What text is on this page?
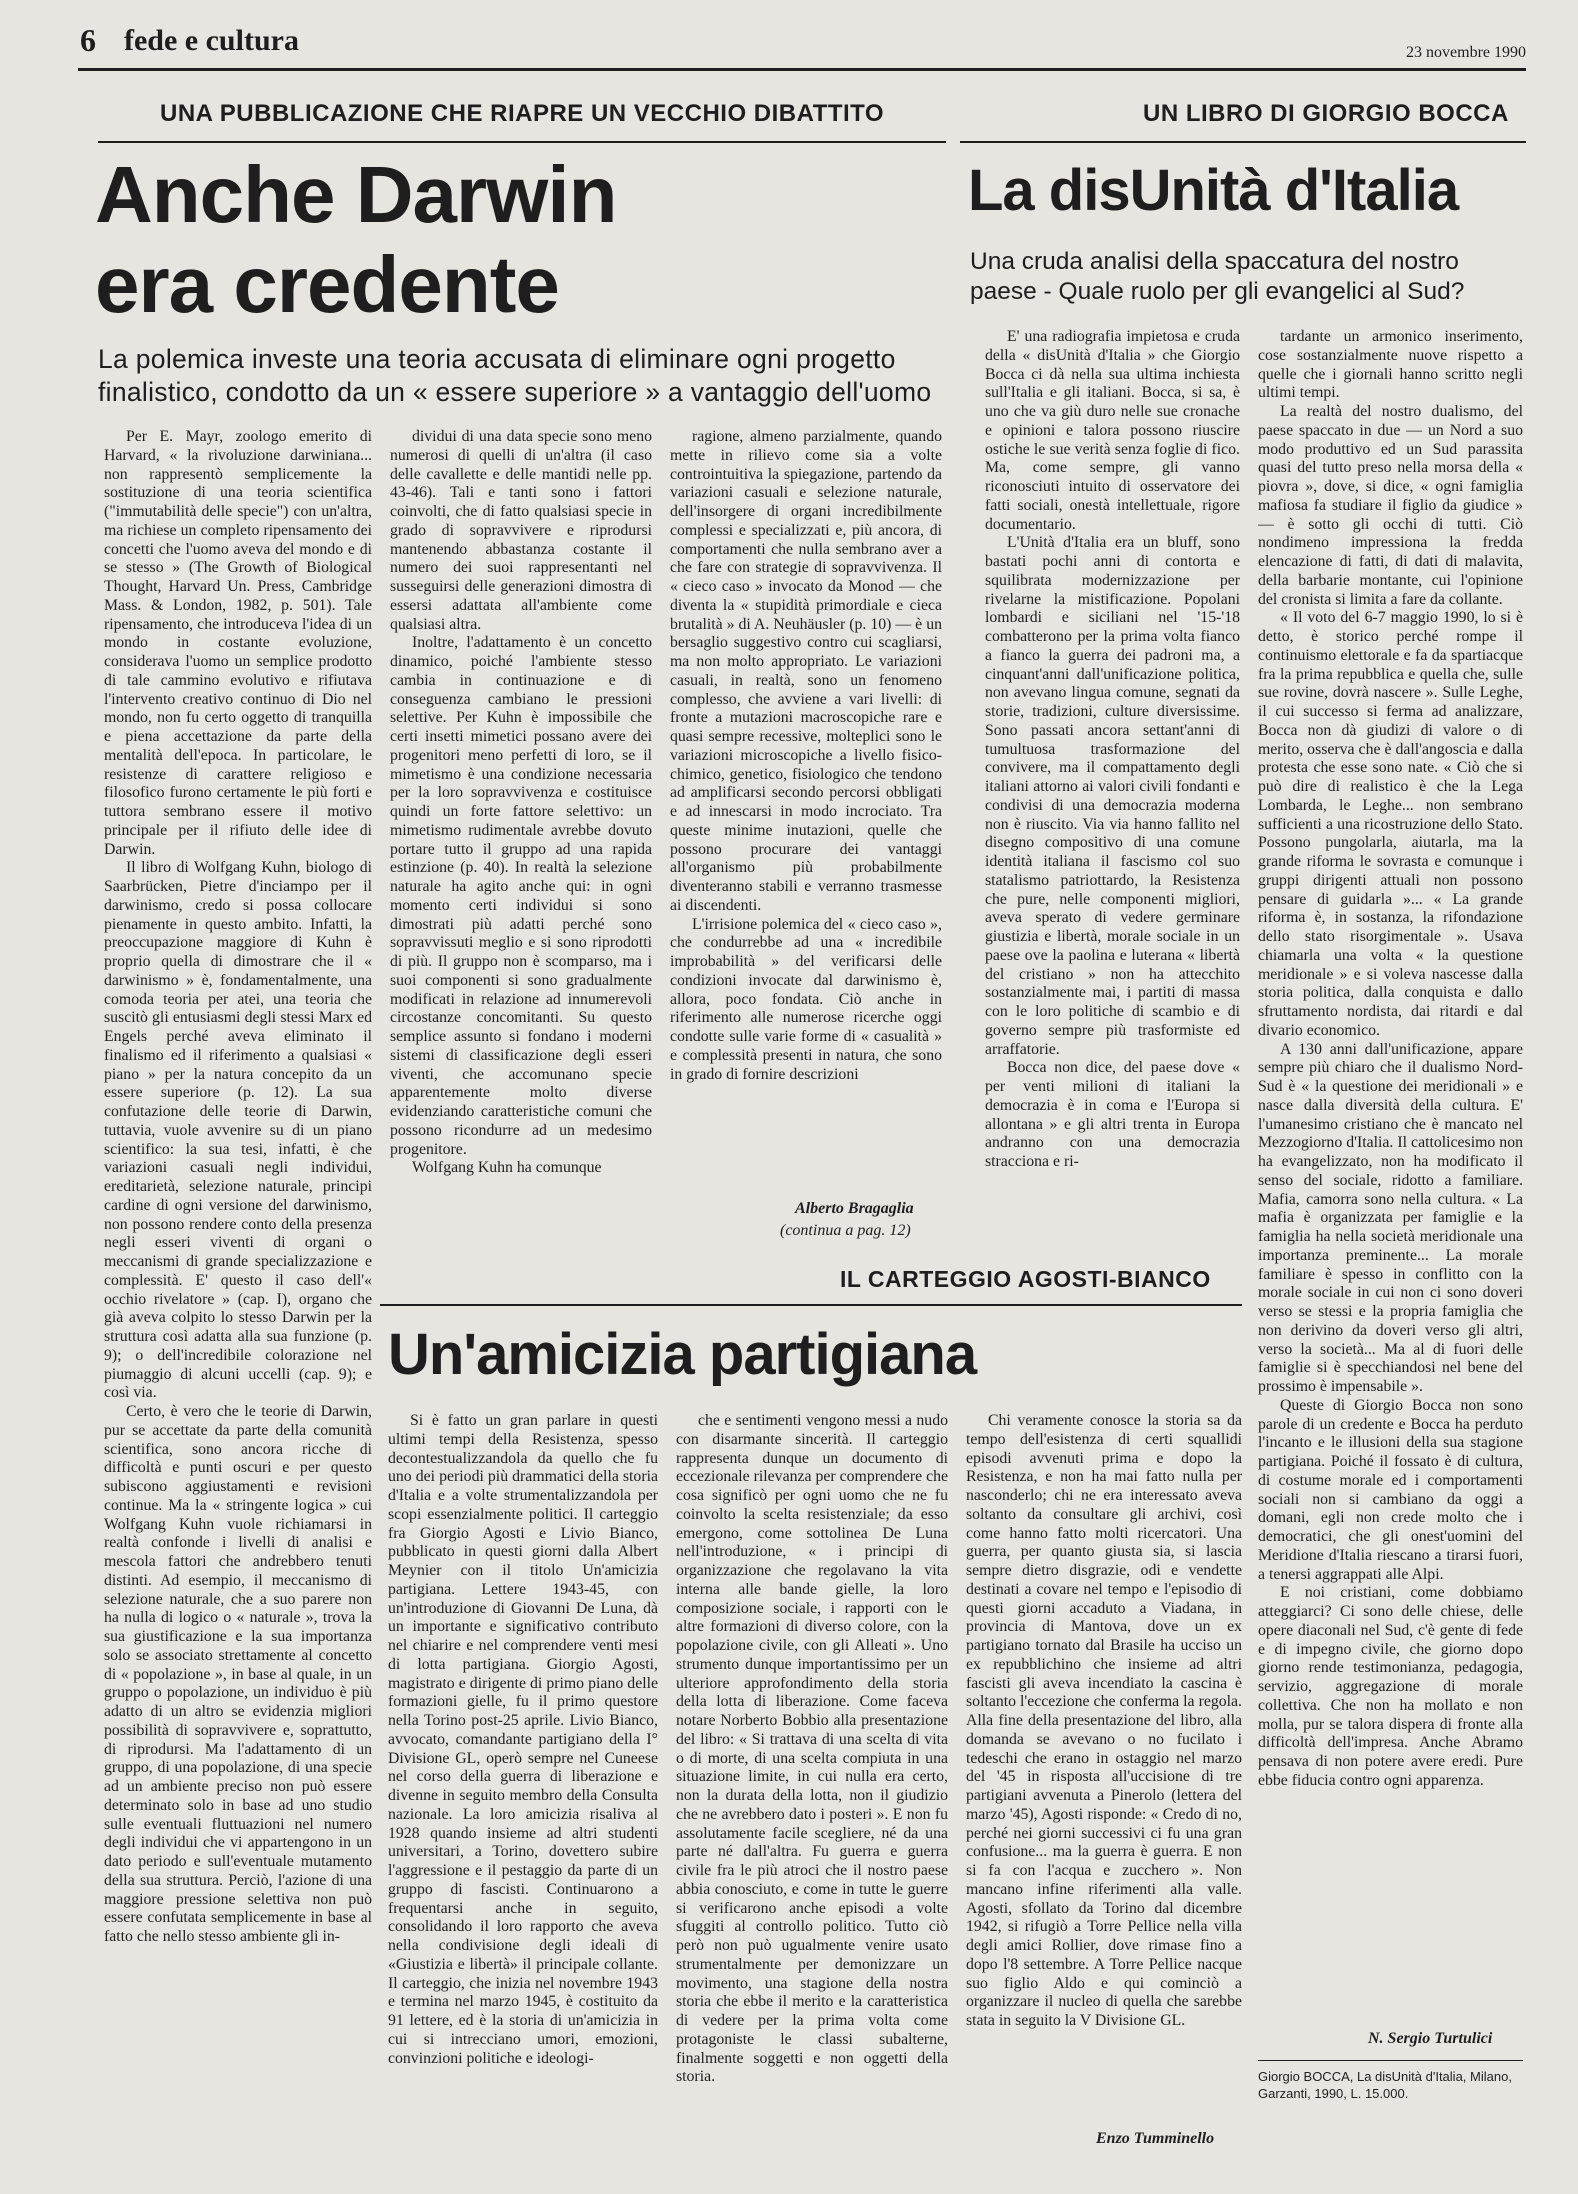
6 fede e cultura	23 novembre 1990
UNA PUBBLICAZIONE CHE RIAPRE UN VECCHIO DIBATTITO
Anche Darwin
era credente
La polemica investe una teoria accusata di eliminare ogni progetto
finalistico, condotto da un « essere superiore » a vantaggio dell'uomo

Per E. Mayr, zoologo emerito di Harvard, « la rivoluzione darwiniana... non rappresentò semplicemente la sostituzione di una teoria scientifica ("immutabilità delle specie") con un'altra, ma richiese un completo ripensamento dei concetti che l'uomo aveva del mondo e di se stesso » (The Growth of Biological Thought, Harvard Un. Press, Cambridge Mass. & London, 1982, p. 501). Tale ripensamento, che introduceva l'idea di un mondo in costante evoluzione, considerava l'uomo un semplice prodotto di tale cammino evolutivo e rifiutava l'intervento creativo continuo di Dio nel mondo, non fu certo oggetto di tranquilla e piena accettazione da parte della mentalità dell'epoca. In particolare, le resistenze di carattere religioso e filosofico furono certamente le più forti e tuttora sembrano essere il motivo principale per il rifiuto delle idee di Darwin.

Il libro di Wolfgang Kuhn, biologo di Saarbrücken, Pietre d'inciampo per il darwinismo, credo si possa collocare pienamente in questo ambito. Infatti, la preoccupazione maggiore di Kuhn è proprio quella di dimostrare che il « darwinismo » è, fondamentalmente, una comoda teoria per atei, una teoria che suscitò gli entusiasmi degli stessi Marx ed Engels perché aveva eliminato il finalismo ed il riferimento a qualsiasi « piano » per la natura concepito da un essere superiore (p. 12). La sua confutazione delle teorie di Darwin, tuttavia, vuole avvenire su di un piano scientifico: la sua tesi, infatti, è che variazioni casuali negli individui, ereditarietà, selezione naturale, principi cardine di ogni versione del darwinismo, non possono rendere conto della presenza negli esseri viventi di organi o meccanismi di grande specializzazione e complessità. E' questo il caso dell'« occhio rivelatore » (cap. I), organo che già aveva colpito lo stesso Darwin per la struttura così adatta alla sua funzione (p. 9); o dell'incredibile colorazione nel piumaggio di alcuni uccelli (cap. 9); e così via.

Certo, è vero che le teorie di Darwin, pur se accettate da parte della comunità scientifica, sono ancora ricche di difficoltà e punti oscuri e per questo subiscono aggiustamenti e revisioni continue. Ma la « stringente logica » cui Wolfgang Kuhn vuole richiamarsi in realtà confonde i livelli di analisi e mescola fattori che andrebbero tenuti distinti. Ad esempio, il meccanismo di selezione naturale, che a suo parere non ha nulla di logico o « naturale », trova la sua giustificazione e la sua importanza solo se associato strettamente al concetto di « popolazione », in base al quale, in un gruppo o popolazione, un individuo è più adatto di un altro se evidenzia migliori possibilità di sopravvivere e, soprattutto, di riprodursi. Ma l'adattamento di un gruppo, di una popolazione, di una specie ad un ambiente preciso non può essere determinato solo in base ad uno studio sulle eventuali fluttuazioni nel numero degli individui che vi appartengono in un dato periodo e sull'eventuale mutamento della sua struttura. Perciò, l'azione di una maggiore pressione selettiva non può essere confutata semplicemente in base al fatto che nello stesso ambiente gli in-

dividui di una data specie sono meno numerosi di quelli di un'altra (il caso delle cavallette e delle mantidi nelle pp. 43-46). Tali e tanti sono i fattori coinvolti, che di fatto qualsiasi specie in grado di sopravvivere e riprodursi mantenendo abbastanza costante il numero dei suoi rappresentanti nel susseguirsi delle generazioni dimostra di essersi adattata all'ambiente come qualsiasi altra.

Inoltre, l'adattamento è un concetto dinamico, poiché l'ambiente stesso cambia in continuazione e di conseguenza cambiano le pressioni selettive. Per Kuhn è impossibile che certi insetti mimetici possano avere dei progenitori meno perfetti di loro, se il mimetismo è una condizione necessaria per la loro sopravvivenza e costituisce quindi un forte fattore selettivo: un mimetismo rudimentale avrebbe dovuto portare tutto il gruppo ad una rapida estinzione (p. 40). In realtà la selezione naturale ha agito anche qui: in ogni momento certi individui si sono dimostrati più adatti perché sono sopravvissuti meglio e si sono riprodotti di più. Il gruppo non è scomparso, ma i suoi componenti si sono gradualmente modificati in relazione ad innumerevoli circostanze concomitanti. Su questo semplice assunto si fondano i moderni sistemi di classificazione degli esseri viventi, che accomunano specie apparentemente molto diverse evidenziando caratteristiche comuni che possono ricondurre ad un medesimo progenitore.

Wolfgang Kuhn ha comunque

ragione, almeno parzialmente, quando mette in rilievo come sia a volte controintuitiva la spiegazione, partendo da variazioni casuali e selezione naturale, dell'insorgere di organi incredibilmente complessi e specializzati e, più ancora, di comportamenti che nulla sembrano aver a che fare con strategie di sopravvivenza. Il « cieco caso » invocato da Monod — che diventa la « stupidità primordiale e cieca brutalità » di A. Neuhäusler (p. 10) — è un bersaglio suggestivo contro cui scagliarsi, ma non molto appropriato. Le variazioni casuali, in realtà, sono un fenomeno complesso, che avviene a vari livelli: di fronte a mutazioni macroscopiche rare e quasi sempre recessive, molteplici sono le variazioni microscopiche a livello fisico-chimico, genetico, fisiologico che tendono ad amplificarsi secondo percorsi obbligati e ad innescarsi in modo incrociato. Tra queste minime inutazioni, quelle che possono procurare dei vantaggi all'organismo più probabilmente diventeranno stabili e verranno trasmesse ai discendenti.

L'irrisione polemica del « cieco caso », che condurrebbe ad una « incredibile improbabilità » del verificarsi delle condizioni invocate dal darwinismo è, allora, poco fondata. Ciò anche in riferimento alle numerose ricerche oggi condotte sulle varie forme di « casualità » e complessità presenti in natura, che sono in grado di fornire descrizioni

Alberto Bragaglia
(continua a pag. 12)
UN LIBRO DI GIORGIO BOCCA
La disUnità d'Italia
Una cruda analisi della spaccatura del nostro
paese - Quale ruolo per gli evangelici al Sud?

E' una radiografia impietosa e cruda della « disUnità d'Italia » che Giorgio Bocca ci dà nella sua ultima inchiesta sull'Italia e gli italiani. Bocca, si sa, è uno che va giù duro nelle sue cronache e opinioni e talora possono riuscire ostiche le sue verità senza foglie di fico. Ma, come sempre, gli vanno riconosciuti intuito di osservatore dei fatti sociali, onestà intellettuale, rigore documentario.

L'Unità d'Italia era un bluff, sono bastati pochi anni di contorta e squilibrata modernizzazione per rivelarne la mistificazione. Popolani lombardi e siciliani nel '15-'18 combatterono per la prima volta fianco a fianco la guerra dei padroni ma, a cinquant'anni dall'unificazione politica, non avevano lingua comune, segnati da storie, tradizioni, culture diversissime. Sono passati ancora settant'anni di tumultuosa trasformazione del convivere, ma il compattamento degli italiani attorno ai valori civili fondanti e condivisi di una democrazia moderna non è riuscito. Via via hanno fallito nel disegno compositivo di una comune identità italiana il fascismo col suo statalismo patriottardo, la Resistenza che pure, nelle componenti migliori, aveva sperato di vedere germinare giustizia e libertà, morale sociale in un paese ove la paolina e luterana « libertà del cristiano » non ha attecchito sostanzialmente mai, i partiti di massa con le loro politiche di scambio e di governo sempre più trasformiste ed arraffatorie.

Bocca non dice, del paese dove « per venti milioni di italiani la democrazia è in coma e l'Europa si allontana » e gli altri trenta in Europa andranno con una democrazia stracciona e ri-

tardante un armonico inserimento, cose sostanzialmente nuove rispetto a quelle che i giornali hanno scritto negli ultimi tempi.

La realtà del nostro dualismo, del paese spaccato in due — un Nord a suo modo produttivo ed un Sud parassita quasi del tutto preso nella morsa della « piovra », dove, si dice, « ogni famiglia mafiosa fa studiare il figlio da giudice » — è sotto gli occhi di tutti. Ciò nondimeno impressiona la fredda elencazione di fatti, di dati di malavita, della barbarie montante, cui l'opinione del cronista si limita a fare da collante.

« Il voto del 6-7 maggio 1990, lo si è detto, è storico perché rompe il continuismo elettorale e fa da spartiacque fra la prima repubblica e quella che, sulle sue rovine, dovrà nascere ». Sulle Leghe, il cui successo si ferma ad analizzare, Bocca non dà giudizi di valore o di merito, osserva che è dall'angoscia e dalla protesta che esse sono nate. « Ciò che si può dire di realistico è che la Lega Lombarda, le Leghe... non sembrano sufficienti a una ricostruzione dello Stato. Possono pungolarla, aiutarla, ma la grande riforma le sovrasta e comunque i gruppi dirigenti attuali non possono pensare di guidarla »... « La grande riforma è, in sostanza, la rifondazione dello stato risorgimentale ». Usava chiamarla una volta « la questione meridionale » e si voleva nascesse dalla storia politica, dalla conquista e dallo sfruttamento nordista, dai ritardi e dal divario economico.

A 130 anni dall'unificazione, appare sempre più chiaro che il dualismo Nord-Sud è « la questione dei meridionali » e nasce dalla diversità della cultura. E' l'umanesimo cristiano che è mancato nel Mezzogiorno d'Italia. Il cattolicesimo non ha evangelizzato, non ha modificato il senso del sociale, ridotto a familiare. Mafia, camorra sono nella cultura. « La mafia è organizzata per famiglie e la famiglia ha nella società meridionale una importanza preminente... La morale familiare è spesso in conflitto con la morale sociale in cui non ci sono doveri verso se stessi e la propria famiglia che non derivino da doveri verso gli altri, verso la società... Ma al di fuori delle famiglie si è specchiandosi nel bene del prossimo è impensabile ».

Queste di Giorgio Bocca non sono parole di un credente e Bocca ha perduto l'incanto e le illusioni della sua stagione partigiana. Poiché il fossato è di cultura, di costume morale ed i comportamenti sociali non si cambiano da oggi a domani, egli non crede molto che i democratici, che gli onest'uomini del Meridione d'Italia riescano a tirarsi fuori, a tenersi aggrappati alle Alpi.

E noi cristiani, come dobbiamo atteggiarci? Ci sono delle chiese, delle opere diaconali nel Sud, c'è gente di fede e di impegno civile, che giorno dopo giorno rende testimonianza, pedagogia, servizio, aggregazione di morale collettiva. Che non ha mollato e non molla, pur se talora dispera di fronte alla difficoltà dell'impresa. Anche Abramo pensava di non potere avere eredi. Pure ebbe fiducia contro ogni apparenza.

N. Sergio Turtulici
Giorgio BOCCA, La disUnità d'Italia, Milano, Garzanti, 1990, L. 15.000.
IL CARTEGGIO AGOSTI-BIANCO
Un'amicizia partigiana

Si è fatto un gran parlare in questi ultimi tempi della Resistenza, spesso decontestualizzandola da quello che fu uno dei periodi più drammatici della storia d'Italia e a volte strumentalizzandola per scopi essenzialmente politici. Il carteggio fra Giorgio Agosti e Livio Bianco, pubblicato in questi giorni dalla Albert Meynier con il titolo Un'amicizia partigiana. Lettere 1943-45, con un'introduzione di Giovanni De Luna, dà un importante e significativo contributo nel chiarire e nel comprendere venti mesi di lotta partigiana. Giorgio Agosti, magistrato e dirigente di primo piano delle formazioni gielle, fu il primo questore nella Torino post-25 aprile. Livio Bianco, avvocato, comandante partigiano della I° Divisione GL, operò sempre nel Cuneese nel corso della guerra di liberazione e divenne in seguito membro della Consulta nazionale. La loro amicizia risaliva al 1928 quando insieme ad altri studenti universitari, a Torino, dovettero subire l'aggressione e il pestaggio da parte di un gruppo di fascisti. Continuarono a frequentarsi anche in seguito, consolidando il loro rapporto che aveva nella condivisione degli ideali di «Giustizia e libertà» il principale collante. Il carteggio, che inizia nel novembre 1943 e termina nel marzo 1945, è costituito da 91 lettere, ed è la storia di un'amicizia in cui si intrecciano umori, emozioni, convinzioni politiche e ideologi-

che e sentimenti vengono messi a nudo con disarmante sincerità. Il carteggio rappresenta dunque un documento di eccezionale rilevanza per comprendere che cosa significò per ogni uomo che ne fu coinvolto la scelta resistenziale; da esso emergono, come sottolinea De Luna nell'introduzione, « i principi di organizzazione che regolavano la vita interna alle bande gielle, la loro composizione sociale, i rapporti con le altre formazioni di diverso colore, con la popolazione civile, con gli Alleati ». Uno strumento dunque importantissimo per un ulteriore approfondimento della storia della lotta di liberazione. Come faceva notare Norberto Bobbio alla presentazione del libro: « Si trattava di una scelta di vita o di morte, di una scelta compiuta in una situazione limite, in cui nulla era certo, non la durata della lotta, non il giudizio che ne avrebbero dato i posteri ». E non fu assolutamente facile scegliere, né da una parte né dall'altra. Fu guerra e guerra civile fra le più atroci che il nostro paese abbia conosciuto, e come in tutte le guerre si verificarono anche episodi a volte sfuggiti al controllo politico. Tutto ciò però non può ugualmente venire usato strumentalmente per demonizzare un movimento, una stagione della nostra storia che ebbe il merito e la caratteristica di vedere per la prima volta come protagoniste le classi subalterne, finalmente soggetti e non oggetti della storia.

Chi veramente conosce la storia sa da tempo dell'esistenza di certi squallidi episodi avvenuti prima e dopo la Resistenza, e non ha mai fatto nulla per nasconderlo; chi ne era interessato aveva soltanto da consultare gli archivi, così come hanno fatto molti ricercatori. Una guerra, per quanto giusta sia, si lascia sempre dietro disgrazie, odi e vendette destinati a covare nel tempo e l'episodio di questi giorni accaduto a Viadana, in provincia di Mantova, dove un ex partigiano tornato dal Brasile ha ucciso un ex repubblichino che insieme ad altri fascisti gli aveva incendiato la cascina è soltanto l'eccezione che conferma la regola. Alla fine della presentazione del libro, alla domanda se avevano o no fucilato i tedeschi che erano in ostaggio nel marzo del '45 in risposta all'uccisione di tre partigiani avvenuta a Pinerolo (lettera del marzo '45), Agosti risponde: « Credo di no, perché nei giorni successivi ci fu una gran confusione... ma la guerra è guerra. E non si fa con l'acqua e zucchero ». Non mancano infine riferimenti alla valle. Agosti, sfollato da Torino dal dicembre 1942, si rifugiò a Torre Pellice nella villa degli amici Rollier, dove rimase fino a dopo l'8 settembre. A Torre Pellice nacque suo figlio Aldo e qui cominciò a organizzare il nucleo di quella che sarebbe stata in seguito la V Divisione GL.

Enzo Tumminello
